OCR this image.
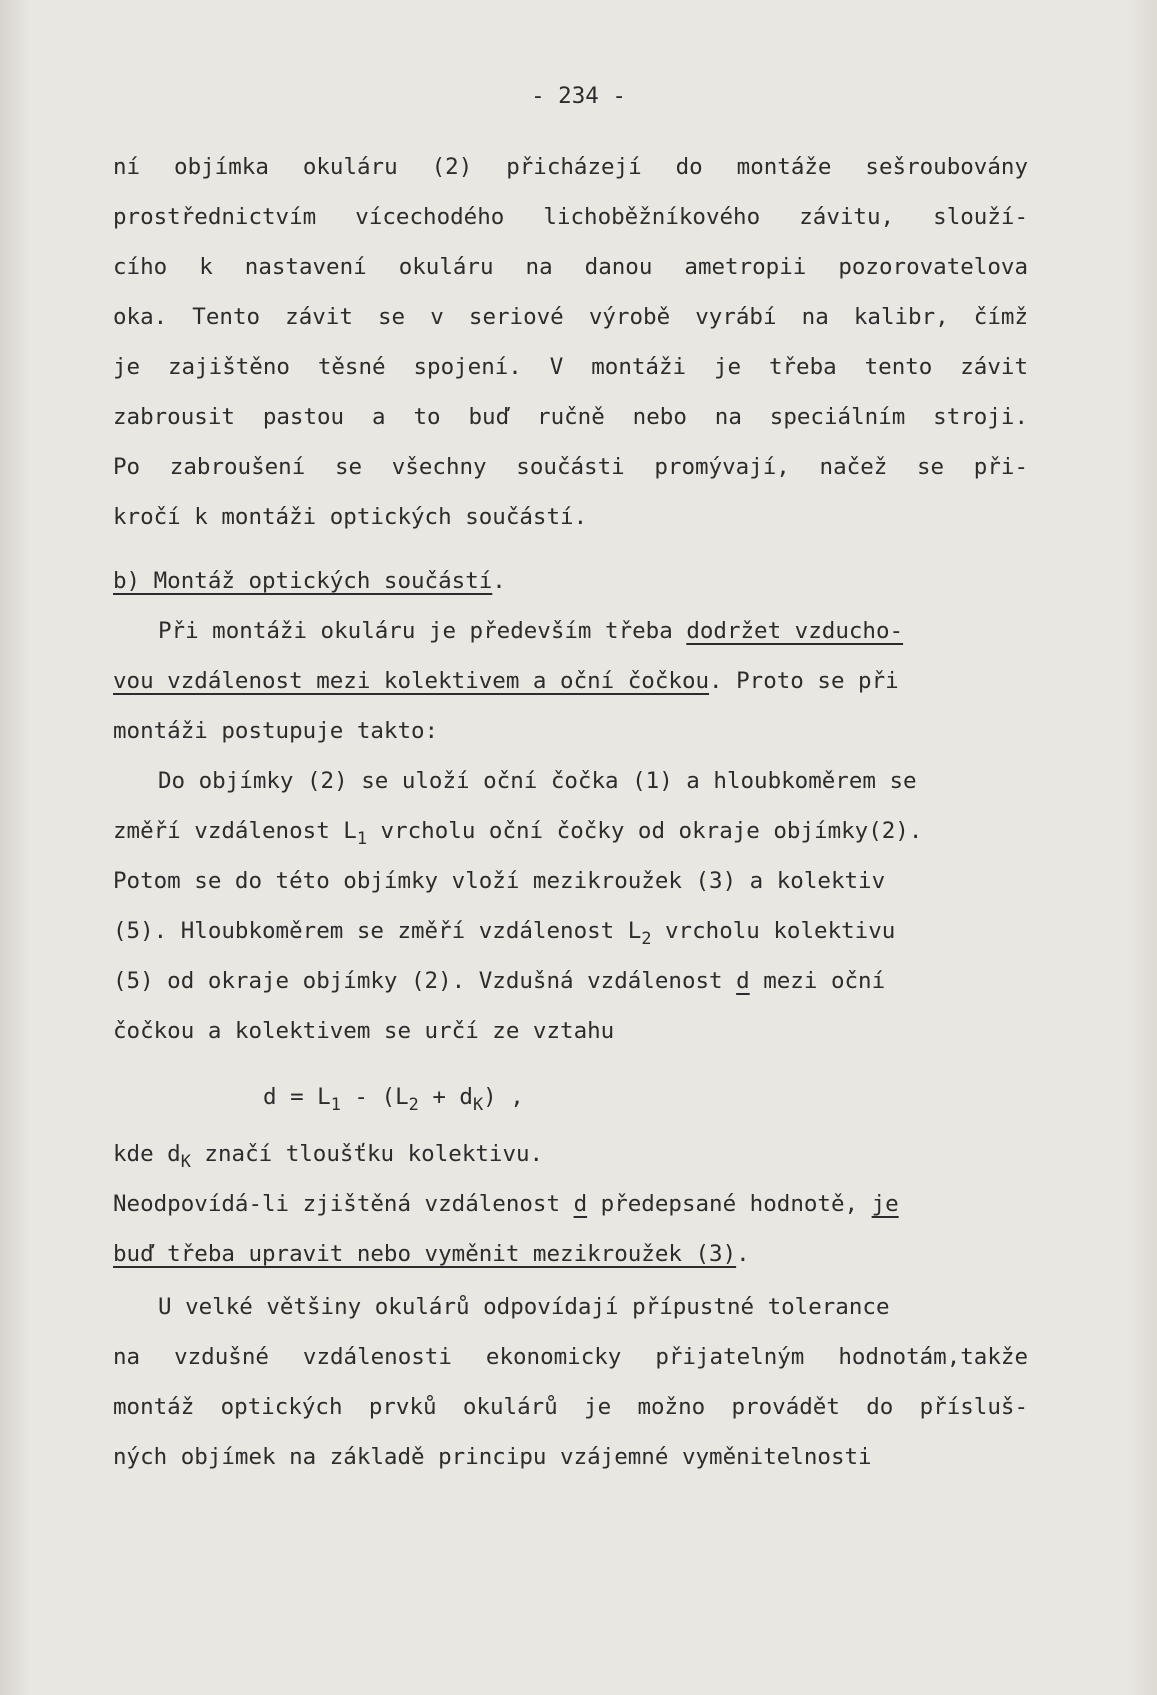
- 234 -

ní objímka okuláru (2) přicházejí do montáže sešroubovány

prostřednictvím vícechodého lichoběžníkového závitu, slouží-

cího k nastavení okuláru na danou ametropii pozorovatelova

oka. Tento závit se v seriové výrobě vyrábí na kalibr, čímž

je zajištěno těsné spojení. V montáži je třeba tento závit

zabrousit pastou a to buď ručně nebo na speciálním stroji.

Po zabroušení se všechny součásti promývají, načež se při-

kročí k montáži optických součástí.

b) Montáž optických součástí.

Při montáži okuláru je především třeba dodržet vzducho-

vou vzdálenost mezi kolektivem a oční čočkou. Proto se při

montáži postupuje takto:

Do objímky (2) se uloží oční čočka (1) a hloubkoměrem se

změří vzdálenost $L_1$ vrcholu oční čočky od okraje objímky(2).

Potom se do této objímky vloží mezikroužek (3) a kolektiv

(5). Hloubkoměrem se změří vzdálenost $L_2$ vrcholu kolektivu

(5) od okraje objímky (2). Vzdušná vzdálenost d mezi oční

čočkou a kolektivem se určí ze vztahu

$d = L_1 - (L_2 + d_K)$ ,

kde $d_K$ značí tloušťku kolektivu.

Neodpovídá-li zjištěná vzdálenost d předepsané hodnotě, je

buď třeba upravit nebo vyměnit mezikroužek (3).

U velké většiny okulárů odpovídají přípustné tolerance

na vzdušné vzdálenosti ekonomicky přijatelným hodnotám,takže

montáž optických prvků okulárů je možno provádět do přísluš-

ných objímek na základě principu vzájemné vyměnitelnosti
